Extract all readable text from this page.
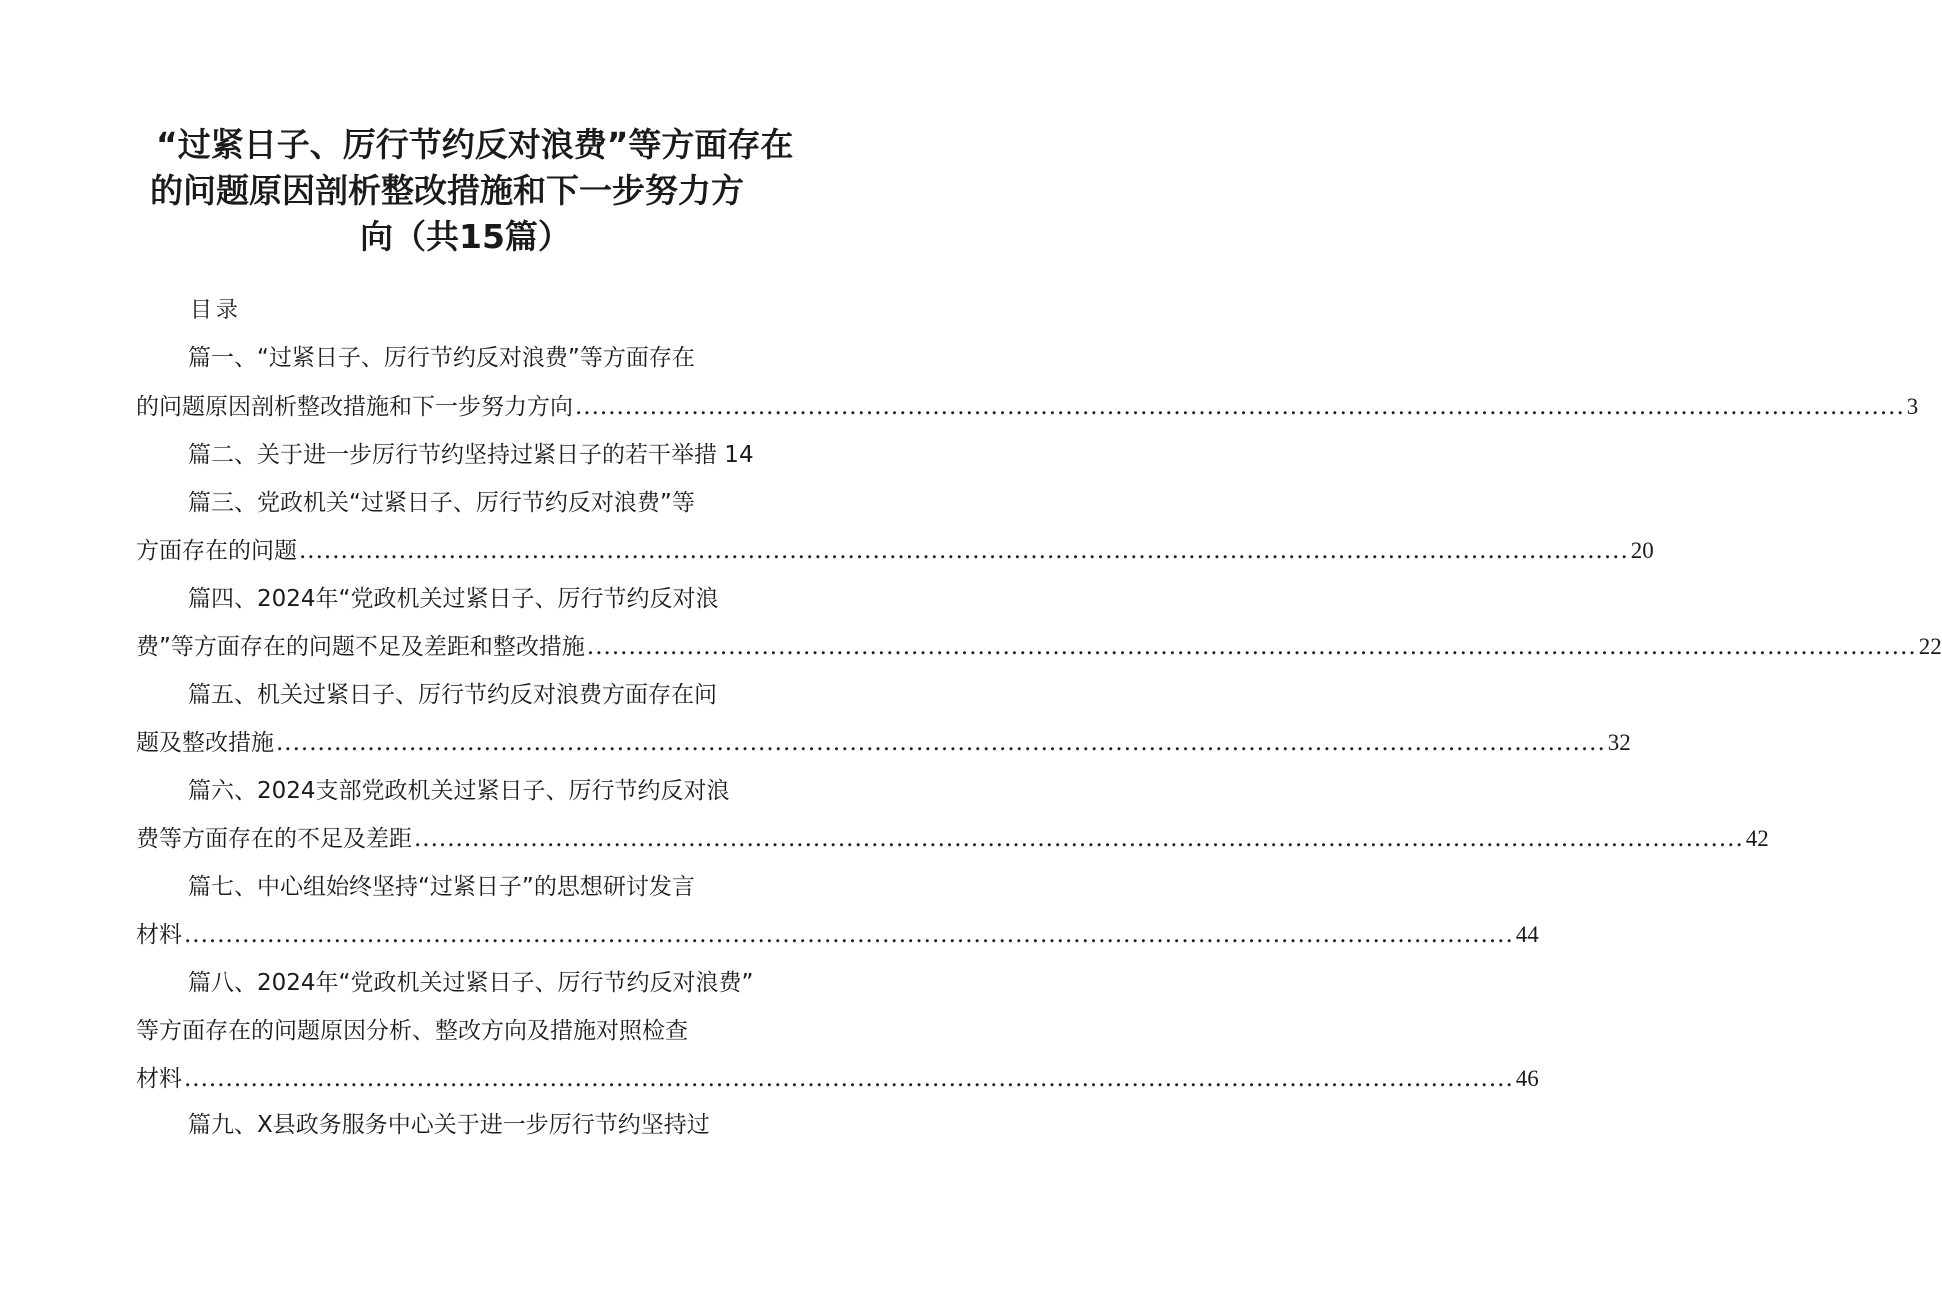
“过紧日子、厉行节约反对浪费”等方面存在
的问题原因剖析整改措施和下一步努力方
向（共15篇）
目录
篇一、“过紧日子、厉行节约反对浪费”等方面存在
的问题原因剖析整改措施和下一步努力方向 ................................................................................................................................................................ 3
篇二、关于进一步厉行节约坚持过紧日子的若干举措 14
篇三、党政机关“过紧日子、厉行节约反对浪费”等
方面存在的问题 ................................................................................................................................................................ 20
篇四、2024年“党政机关过紧日子、厉行节约反对浪
费”等方面存在的问题不足及差距和整改措施 ................................................................................................................................................................ 22
篇五、机关过紧日子、厉行节约反对浪费方面存在问
题及整改措施 ................................................................................................................................................................ 32
篇六、2024支部党政机关过紧日子、厉行节约反对浪
费等方面存在的不足及差距 ................................................................................................................................................................ 42
篇七、中心组始终坚持“过紧日子”的思想研讨发言
材料 ................................................................................................................................................................ 44
篇八、2024年“党政机关过紧日子、厉行节约反对浪费”
等方面存在的问题原因分析、整改方向及措施对照检查
材料 ................................................................................................................................................................ 46
篇九、X县政务服务中心关于进一步厉行节约坚持过
